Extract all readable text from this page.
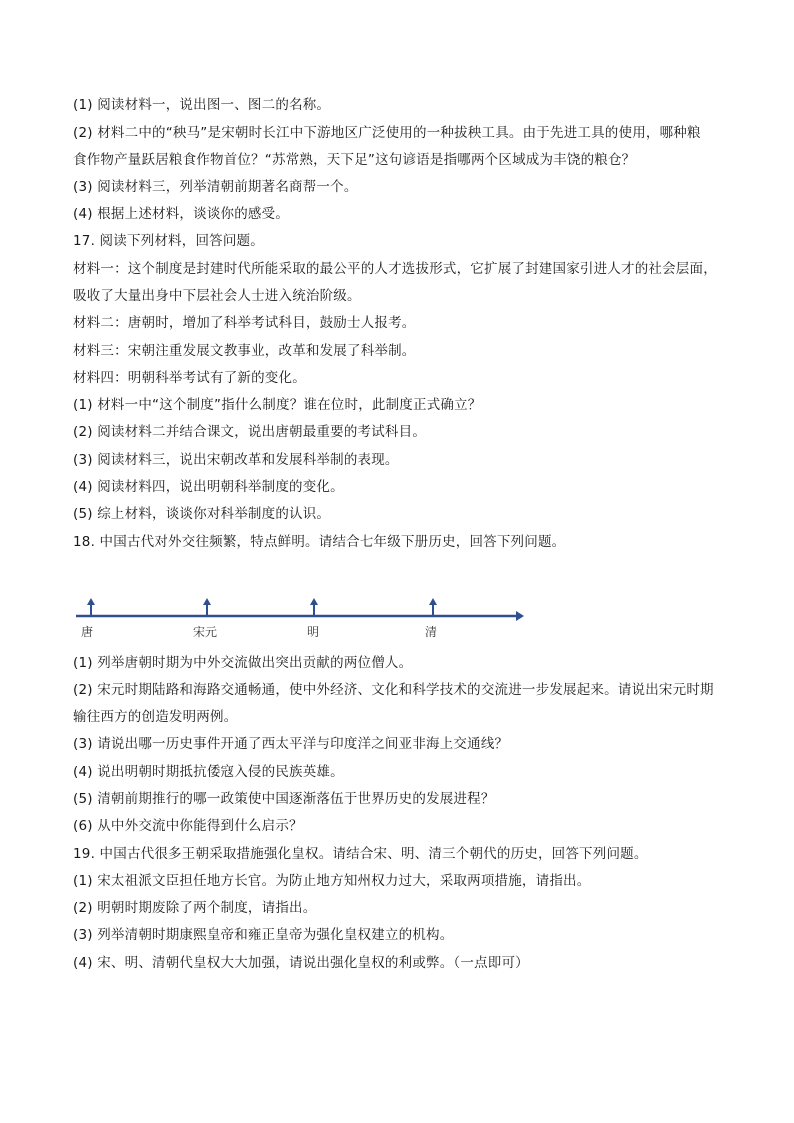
(1) 阅读材料一，说出图一、图二的名称。
(2) 材料二中的“秧马”是宋朝时长江中下游地区广泛使用的一种拔秧工具。由于先进工具的使用，哪种粮
食作物产量跃居粮食作物首位？“苏常熟，天下足”这句谚语是指哪两个区域成为丰饶的粮仓？
(3) 阅读材料三，列举清朝前期著名商帮一个。
(4) 根据上述材料，谈谈你的感受。
17. 阅读下列材料，回答问题。
材料一：这个制度是封建时代所能采取的最公平的人才选拔形式，它扩展了封建国家引进人才的社会层面，
吸收了大量出身中下层社会人士进入统治阶级。
材料二：唐朝时，增加了科举考试科目，鼓励士人报考。
材料三：宋朝注重发展文教事业，改革和发展了科举制。
材料四：明朝科举考试有了新的变化。
(1) 材料一中“这个制度”指什么制度？谁在位时，此制度正式确立？
(2) 阅读材料二并结合课文，说出唐朝最重要的考试科目。
(3) 阅读材料三，说出宋朝改革和发展科举制的表现。
(4) 阅读材料四，说出明朝科举制度的变化。
(5) 综上材料，谈谈你对科举制度的认识。
18. 中国古代对外交往频繁，特点鲜明。请结合七年级下册历史，回答下列问题。
唐	宋元	明	清
(1) 列举唐朝时期为中外交流做出突出贡献的两位僧人。
(2) 宋元时期陆路和海路交通畅通，使中外经济、文化和科学技术的交流进一步发展起来。请说出宋元时期
输往西方的创造发明两例。
(3) 请说出哪一历史事件开通了西太平洋与印度洋之间亚非海上交通线？
(4) 说出明朝时期抵抗倭寇入侵的民族英雄。
(5) 清朝前期推行的哪一政策使中国逐渐落伍于世界历史的发展进程？
(6) 从中外交流中你能得到什么启示？
19. 中国古代很多王朝采取措施强化皇权。请结合宋、明、清三个朝代的历史，回答下列问题。
(1) 宋太祖派文臣担任地方长官。为防止地方知州权力过大，采取两项措施，请指出。
(2) 明朝时期废除了两个制度，请指出。
(3) 列举清朝时期康熙皇帝和雍正皇帝为强化皇权建立的机构。
(4) 宋、明、清朝代皇权大大加强，请说出强化皇权的利或弊。（一点即可）
